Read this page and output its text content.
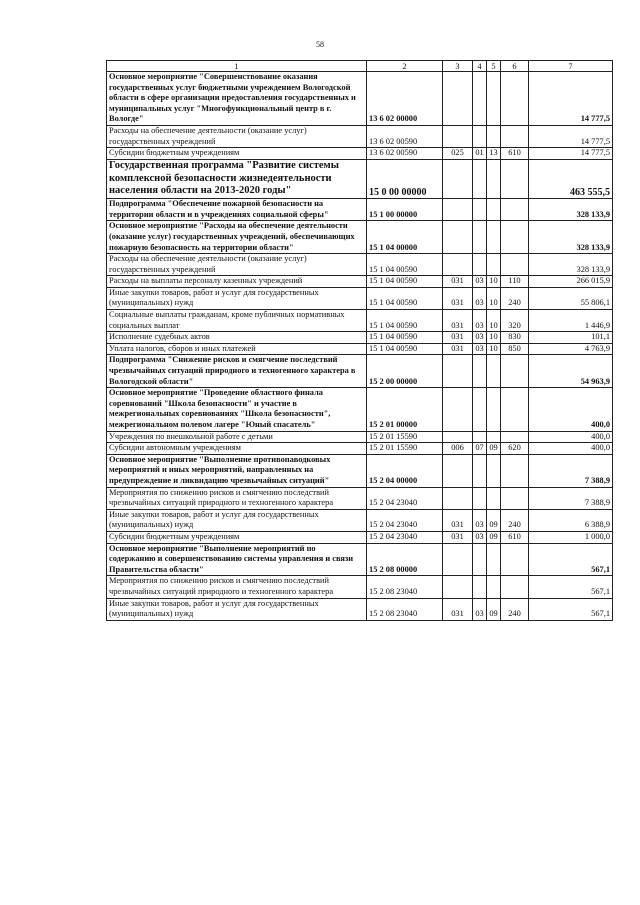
58
1	2	3	4	5	6	7
Основное мероприятие "Совершенствование оказания государственных услуг бюджетными учреждением Вологодской области в сфере организации предоставления государственных и муниципальных услуг "Многофункциональный центр в г. Вологде"	13 6 02 00000					14 777,5
Расходы на обеспечение деятельности (оказание услуг) государственных учреждений	13 6 02 00590					14 777,5
Субсидии бюджетным учреждениям	13 6 02 00590	025	01	13	610	14 777,5
Государственная программа "Развитие системы комплексной безопасности жизнедеятельности населения области на 2013-2020 годы"	15 0 00 00000					463 555,5
Подпрограмма "Обеспечение пожарной безопасности на территории области и в учреждениях социальной сферы"	15 1 00 00000					328 133,9
Основное мероприятие "Расходы на обеспечение деятельности (оказание услуг) государственных учреждений, обеспечивающих пожарную безопасность на территории области"	15 1 04 00000					328 133,9
Расходы на обеспечение деятельности (оказание услуг) государственных учреждений	15 1 04 00590					328 133,9
Расходы на выплаты персоналу казенных учреждений	15 1 04 00590	031	03	10	110	266 015,9
Иные закупки товаров, работ и услуг для государственных (муниципальных) нужд	15 1 04 00590	031	03	10	240	55 806,1
Социальные выплаты гражданам, кроме публичных нормативных социальных выплат	15 1 04 00590	031	03	10	320	1 446,9
Исполнение судебных актов	15 1 04 00590	031	03	10	830	101,1
Уплата налогов, сборов и иных платежей	15 1 04 00590	031	03	10	850	4 763,9
Подпрограмма "Снижение рисков и смягчение последствий чрезвычайных ситуаций природного и техногенного характера в Вологодской области"	15 2 00 00000					54 963,9
Основное мероприятие "Проведение областного финала соревнований "Школа безопасности" и участие в межрегиональных соревнованиях "Школа безопасности", межрегиональном полевом лагере "Юный спасатель"	15 2 01 00000					400,0
Учреждения по внешкольной работе с детьми	15 2 01 15590					400,0
Субсидии автономным учреждениям	15 2 01 15590	006	07	09	620	400,0
Основное мероприятие "Выполнение противопаводковых мероприятий и иных мероприятий, направленных на предупреждение и ликвидацию чрезвычайных ситуаций"	15 2 04 00000					7 388,9
Мероприятия по снижению рисков и смягчению последствий чрезвычайных ситуаций природного и техногенного характера	15 2 04 23040					7 388,9
Иные закупки товаров, работ и услуг для государственных (муниципальных) нужд	15 2 04 23040	031	03	09	240	6 388,9
Субсидии бюджетным учреждениям	15 2 04 23040	031	03	09	610	1 000,0
Основное мероприятие "Выполнение мероприятий по содержанию и совершенствованию системы управления и связи Правительства области"	15 2 08 00000					567,1
Мероприятия по снижению рисков и смягчению последствий чрезвычайных ситуаций природного и техногенного характера	15 2 08 23040					567,1
Иные закупки товаров, работ и услуг для государственных (муниципальных) нужд	15 2 08 23040	031	03	09	240	567,1
